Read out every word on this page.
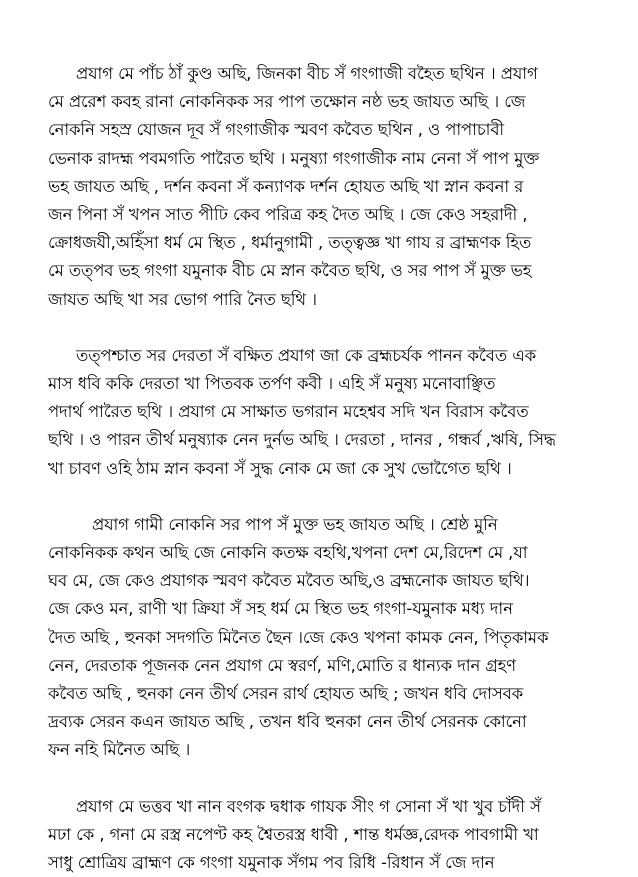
প্রযাগ মে পাঁচ ঠাঁ কুণ্ড অছি, জিনকা বীচ সঁ গংগাজী বহৈত ছথিন । প্রযাগ
মে প্ররেশ কবহ রানা নোকনিকক সর পাপ তক্ষোন নষ্ঠ ভহ জাযত অছি । জে
নোকনি সহস্র যোজন দূব সঁ গংগাজীক স্মবণ কবৈত ছথিন , ও পাপাচাবী
ভেনাক রাদহ্ম পবমগতি পারৈত ছথি । মনুষ্যা গংগাজীক নাম নেনা সঁ পাপ মুক্ত
ভহ জাযত অছি , দর্শন কবনা সঁ কন্যাণক দর্শন হোযত অছি খা স্নান কবনা র
জন পিনা সঁ খপন সাত পীঢি কেব পরিত্র কহ দৈত অছি । জে কেও সহরাদী ,
ক্রোধজযী,অহিঁসা ধর্ম মে স্থিত , ধর্মানুগামী , তত্ত্বজ্ঞ খা গায র ব্রাহ্মণক হিত
মে তত্পব ভহ গংগা যমুনাক বীচ মে স্নান কবৈত ছথি, ও সর পাপ সঁ মুক্ত ভহ
জাযত অছি খা সর ভোগ পারি নৈত ছথি ।
তত্পশ্চাত সর দেরতা সঁ বক্ষিত প্রযাগ জা কে ব্রহ্মচর্যক পানন কবৈত এক
মাস ধবি ককি দেরতা খা পিতবক তর্পণ কবী । এহি সঁ মনুষ্য মনোবাঞ্ছিত
পদার্থ পারৈত ছথি । প্রযাগ মে সাক্ষাত ভগরান মহেশ্বব সদি খন বিরাস কবৈত
ছথি । ও পারন তীর্থ মনুষ্যাক নেন দুর্নভ অছি । দেরতা , দানর , গন্ধর্ব ,ঋষি, সিদ্ধ
খা চাবণ ওহি ঠাম স্নান কবনা সঁ সুদ্ধ নোক মে জা কে সুখ ভোগেৈত ছথি ।
প্রযাগ গামী নোকনি সর পাপ সঁ মুক্ত ভহ জাযত অছি । শ্রেষ্ঠ মুনি
নোকনিকক কথন অছি জে নোকনি কতক্ষ বহথি,খপনা দেশ মে,রিদেশ মে ,যা
ঘব মে, জে কেও প্রযাগক স্মবণ কবৈত মবৈত অছি,ও ব্রহ্মনোক জাযত ছথি।
জে কেও মন, রাণী খা ক্রিযা সঁ সহ ধর্ম মে স্থিত ভহ গংগা-যমুনাক মধ্য দান
দৈত অছি , হুনকা সদগতি মিনৈত ছৈন ।জে কেও খপনা কামক নেন, পিতৃকামক
নেন, দেরতাক পূজনক নেন প্রযাগ মে স্বরর্ণ, মণি,মোতি র ধান্যক দান গ্রহণ
কবৈত অছি , হুনকা নেন তীর্থ সেরন রার্থ হোযত অছি ; জখন ধবি দোসবক
দ্রব্যক সেরন কএন জাযত অছি , তখন ধবি হুনকা নেন তীর্থ সেরনক কোনো
ফন নহি মিনৈত অছি ।
প্রযাগ মে ভত্তব খা নান বংগক দ্বধাক গাযক সীং গ সোনা সঁ খা খুব চাঁদী সঁ
মঢা কে , গনা মে রস্ত্র নপেণ্ট কহ শ্বৈতরস্ত্র ধাবী , শান্ত ধর্মজ্ঞ,রেদক পাবগামী খা
সাধু শ্রোত্রিয ব্রাহ্মণ কে গংগা যমুনাক সঁগম পব রিধি -রিধান সঁ জে দান
